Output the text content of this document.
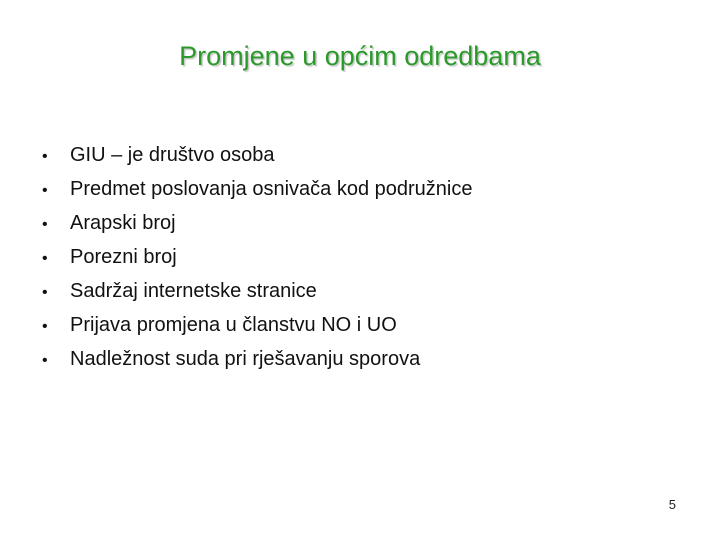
Promjene u općim odredbama
•	GIU – je društvo osoba
•	Predmet poslovanja osnivača kod podružnice
•	Arapski broj
•	Porezni broj
•	Sadržaj internetske stranice
•	Prijava promjena u članstvu NO i UO
•	Nadležnost suda pri rješavanju sporova
5
